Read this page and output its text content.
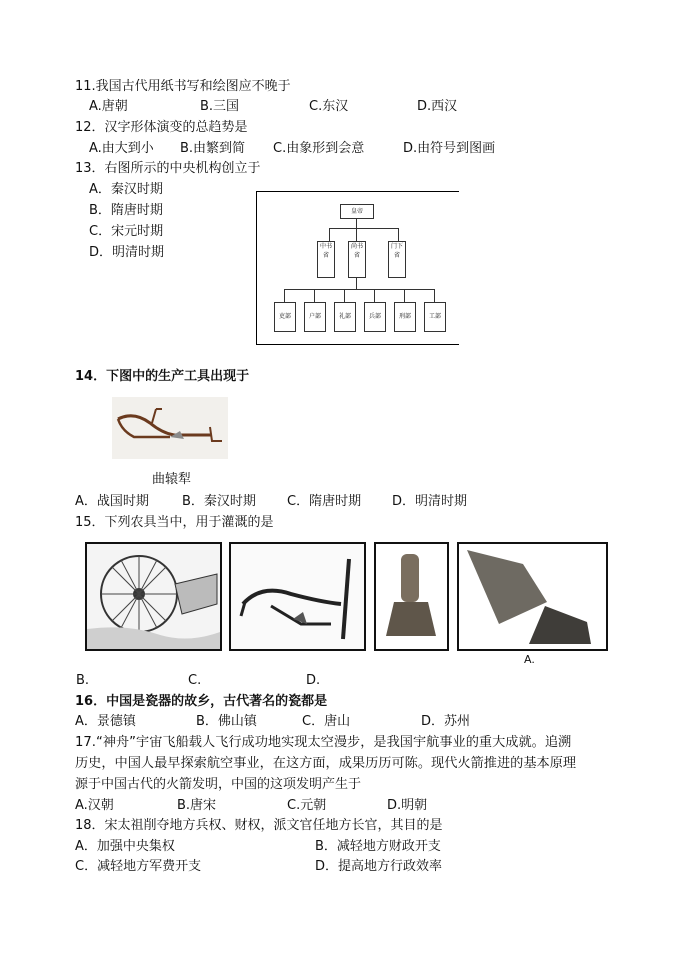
11.我国古代用纸书写和绘图应不晚于
A.唐朝	B.三国	C.东汉	D.西汉
12．汉字形体演变的总趋势是
A.由大到小 B.由繁到简 C.由象形到会意	D.由符号到图画
13．右图所示的中央机构创立于
A．秦汉时期
B．隋唐时期
C．宋元时期
D．明清时期
皇帝
中书省
尚书省
门下省
吏部	户部	礼部	兵部	刑部	工部
14．下图中的生产工具出现于
曲辕犁
A．战国时期	B．秦汉时期 C．隋唐时期 D．明清时期
15．下列农具当中，用于灌溉的是
B.	C.	D.
A.
16．中国是瓷器的故乡，古代著名的瓷都是
A．景德镇	B．佛山镇	C．唐山	D．苏州
17.“神舟”宇宙飞船载人飞行成功地实现太空漫步，是我国宇航事业的重大成就。追溯
历史，中国人最早探索航空事业，在这方面，成果历历可陈。现代火箭推进的基本原理
源于中国古代的火箭发明，中国的这项发明产生于
A.汉朝	B.唐宋	C.元朝	D.明朝
18．宋太祖削夺地方兵权、财权，派文官任地方长官，其目的是
A．加强中央集权	B．减轻地方财政开支
C．减轻地方军费开支	D．提高地方行政效率
